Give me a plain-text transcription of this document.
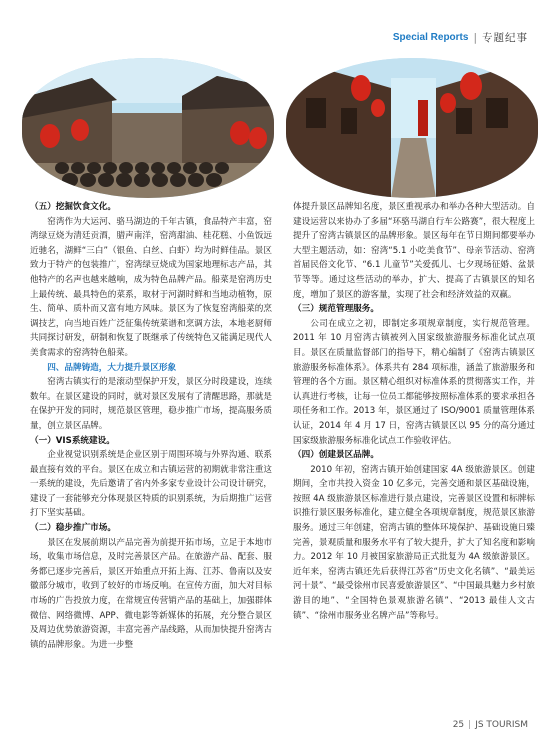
Special Reports | 专题纪事

（五）挖掘饮食文化。

窑湾作为大运河、骆马湖边的千年古镇，食品特产丰富，窑湾绿豆烧为清廷贡酒，腊声南洋，窑湾甜油、桂花糕、小鱼饭远近驰名，湖鲜“三白”（银鱼、白丝、白虾）均为时鲜佳品。景区致力于特产的包装推广，窑湾绿豆烧成为国家地理标志产品，其他特产的名声也越来越响，成为特色品牌产品。船菜是窑湾历史上最传统、最具特色的菜系，取材于河湖时鲜和当地动植物，原生、简单、质朴而又富有地方风味。景区为了恢复窑湾船菜的烹调技艺，向当地百姓广泛征集传统菜谱和烹调方法，本地老厨师共同探讨研发，研制和恢复了既继承了传统特色又能满足现代人美食需求的窑湾特色船菜。

四、品牌铸造，大力提升景区形象

窑湾古镇实行的是滚动型保护开发，景区分时段建设，连续数年。在景区建设的同时，就对景区发展有了清醒思路，那就是在保护开发的同时，规范景区管理，稳步推广市场，提高服务质量，创立景区品牌。

（一）VIS系统建设。

企业视觉识别系统是企业区别于周围环境与外界沟通、联系最直接有效的平台。景区在成立和古镇运营的初期就非常注重这一系统的建设，先后邀请了省内外多家专业设计公司设计研究，建设了一套能够充分体现景区特质的识别系统，为后期推广运营打下坚实基础。

（二）稳步推广市场。

景区在发展前期以产品完善为前提开拓市场，立足于本地市场，收集市场信息，及时完善景区产品。在旅游产品、配套、服务都已逐步完善后，景区开始重点开拓上海、江苏、鲁南以及安徽部分城市，收到了较好的市场反响。在宣传方面，加大对目标市场的广告投放力度，在常规宣传营销产品的基础上，加强群体微信、网络微博、APP、微电影等新媒体的拓展，充分整合景区及周边优势旅游资源，丰富完善产品线路，从而加快提升窑湾古镇的品牌形象。为进一步整

体提升景区品牌知名度，景区重视承办和举办各种大型活动。自建设运营以来协办了多届“环骆马湖自行车公路赛”，很大程度上提升了窑湾古镇景区的品牌形象。景区每年在节日期间都要举办大型主题活动，如：窑湾“5.1 小吃美食节”、母亲节活动、窑湾首届民俗文化节、“6.1 儿童节”关爱孤儿、七夕现场征婚、盆景节等等。通过这些活动的举办，扩大、提高了古镇景区的知名度，增加了景区的游客量，实现了社会和经济效益的双赢。

（三）规范管理服务。

公司在成立之初，即制定多项规章制度，实行规范管理。2011 年 10 月窑湾古镇被列入国家级旅游服务标准化试点项目。景区在质量监督部门的指导下，精心编制了《窑湾古镇景区旅游服务标准体系》。体系共有 284 项标准，涵盖了旅游服务和管理的各个方面。景区精心组织对标准体系的贯彻落实工作，并认真进行考核，让每一位员工都能够按照标准体系的要求承担各项任务和工作。2013 年，景区通过了 ISO/9001 质量管理体系认证，2014 年 4 月 17 日，窑湾古镇景区以 95 分的高分通过国家级旅游服务标准化试点工作验收评估。

（四）创建景区品牌。

2010 年初，窑湾古镇开始创建国家 4A 级旅游景区。创建期间，全市共投入资金 10 亿多元，完善交通和景区基础设施，按照 4A 级旅游景区标准进行景点建设，完善景区设置和标牌标识推行景区服务标准化，建立健全各项规章制度，规范景区旅游服务。通过三年创建，窑湾古镇的整体环境保护、基础设施日臻完善，景观质量和服务水平有了较大提升，扩大了知名度和影响力。2012 年 10 月被国家旅游局正式批复为 4A 级旅游景区。近年来，窑湾古镇还先后获得江苏省“历史文化名镇”、“最美运河十景”、“最受徐州市民喜爱旅游景区”、“中国最具魅力乡村旅游目的地”、“全国特色景观旅游名镇”、“2013 最佳人文古镇”、“徐州市服务业名牌产品”等称号。

25 | JS TOURISM
